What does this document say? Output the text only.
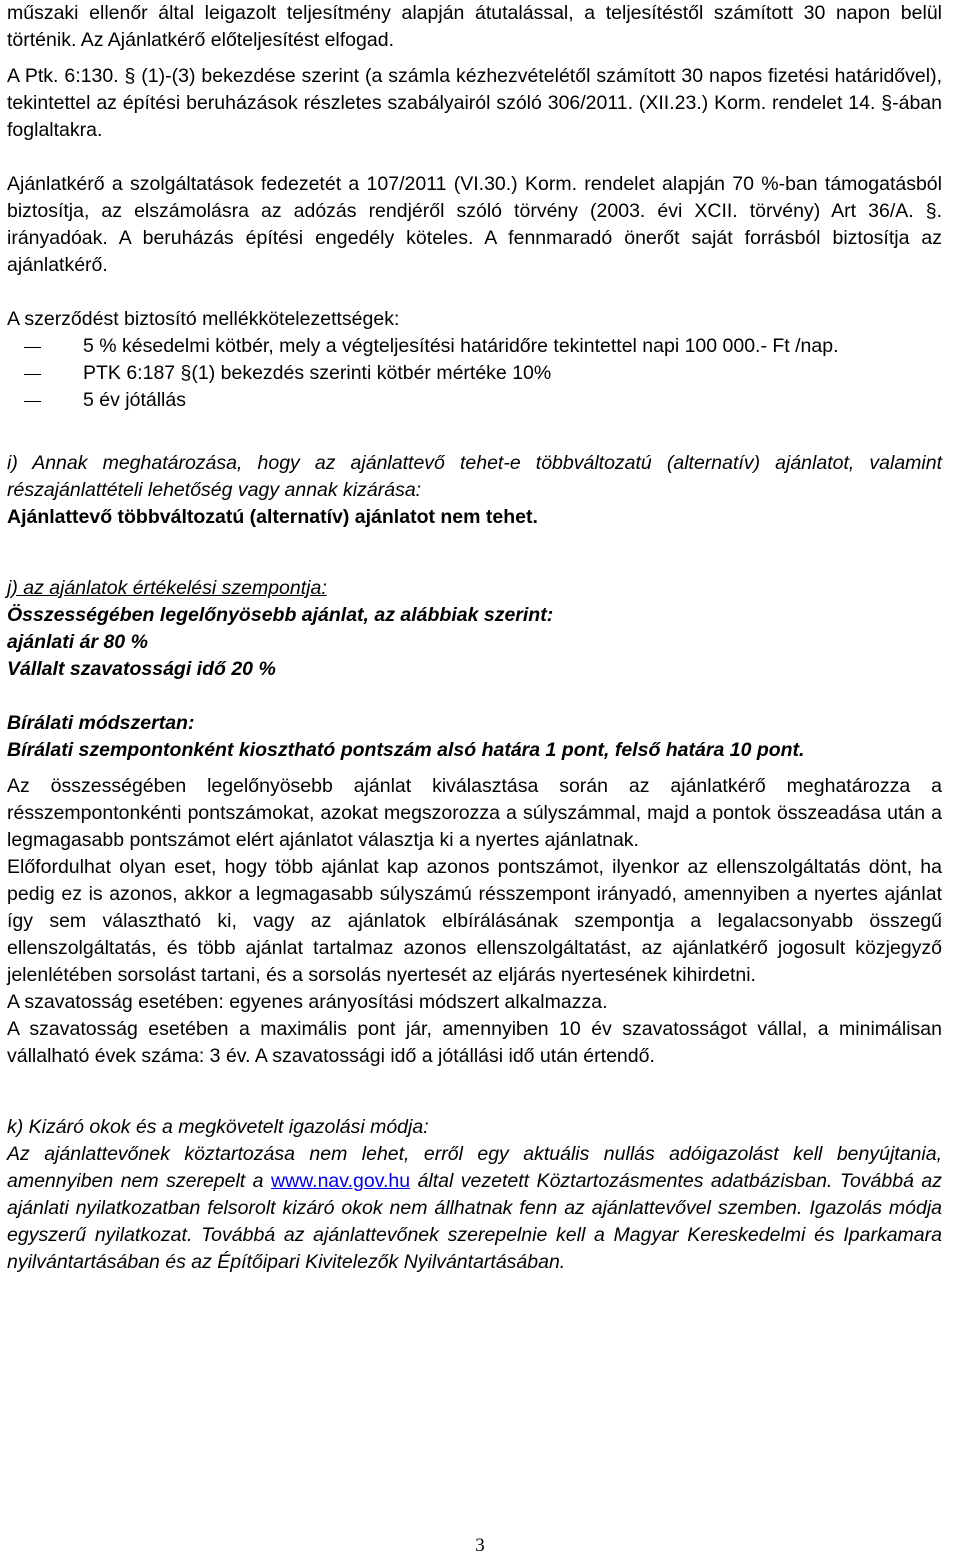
műszaki ellenőr által leigazolt teljesítmény alapján átutalással, a teljesítéstől számított 30 napon belül történik. Az Ajánlatkérő előteljesítést elfogad.

A Ptk. 6:130. § (1)-(3) bekezdése szerint (a számla kézhezvételétől számított 30 napos fizetési határidővel), tekintettel az építési beruházások részletes szabályairól szóló 306/2011. (XII.23.) Korm. rendelet 14. §-ában foglaltakra.

Ajánlatkérő a szolgáltatások fedezetét a 107/2011 (VI.30.) Korm. rendelet alapján 70 %-ban támogatásból biztosítja, az elszámolásra az adózás rendjéről szóló törvény (2003. évi XCII. törvény) Art 36/A. §. irányadóak. A beruházás építési engedély köteles. A fennmaradó önerőt saját forrásból biztosítja az ajánlatkérő.

A szerződést biztosító mellékkötelezettségek:

5 % késedelmi kötbér, mely a végteljesítési határidőre tekintettel napi 100 000.- Ft /nap.
PTK 6:187 §(1) bekezdés szerinti kötbér mértéke 10%
5 év jótállás

i) Annak meghatározása, hogy az ajánlattevő tehet-e többváltozatú (alternatív) ajánlatot, valamint részajánlattételi lehetőség vagy annak kizárása:

Ajánlattevő többváltozatú (alternatív) ajánlatot nem tehet.

j) az ajánlatok értékelési szempontja:

Összességében legelőnyösebb ajánlat, az alábbiak szerint:

ajánlati ár 80 %

Vállalt szavatossági idő 20 %

Bírálati módszertan:

Bírálati szempontonként kiosztható pontszám alsó határa 1 pont, felső határa 10 pont.

Az összességében legelőnyösebb ajánlat kiválasztása során az ajánlatkérő meghatározza a résszempontonkénti pontszámokat, azokat megszorozza a súlyszámmal, majd a pontok összeadása után a legmagasabb pontszámot elért ajánlatot választja ki a nyertes ajánlatnak.

Előfordulhat olyan eset, hogy több ajánlat kap azonos pontszámot, ilyenkor az ellenszolgáltatás dönt, ha pedig ez is azonos, akkor a legmagasabb súlyszámú résszempont irányadó, amennyiben a nyertes ajánlat így sem választható ki, vagy az ajánlatok elbírálásának szempontja a legalacsonyabb összegű ellenszolgáltatás, és több ajánlat tartalmaz azonos ellenszolgáltatást, az ajánlatkérő jogosult közjegyző jelenlétében sorsolást tartani, és a sorsolás nyertesét az eljárás nyertesének kihirdetni.

A szavatosság esetében: egyenes arányosítási módszert alkalmazza.

A szavatosság esetében a maximális pont jár, amennyiben 10 év szavatosságot vállal, a minimálisan vállalható évek száma: 3 év. A szavatossági idő a jótállási idő után értendő.

k) Kizáró okok és a megkövetelt igazolási módja:

Az ajánlattevőnek köztartozása nem lehet, erről egy aktuális nullás adóigazolást kell benyújtania, amennyiben nem szerepelt a www.nav.gov.hu által vezetett Köztartozásmentes adatbázisban. Továbbá az ajánlati nyilatkozatban felsorolt kizáró okok nem állhatnak fenn az ajánlattevővel szemben. Igazolás módja egyszerű nyilatkozat. Továbbá az ajánlattevőnek szerepelnie kell a Magyar Kereskedelmi és Iparkamara nyilvántartásában és az Építőipari Kivitelezők Nyilvántartásában.

3
